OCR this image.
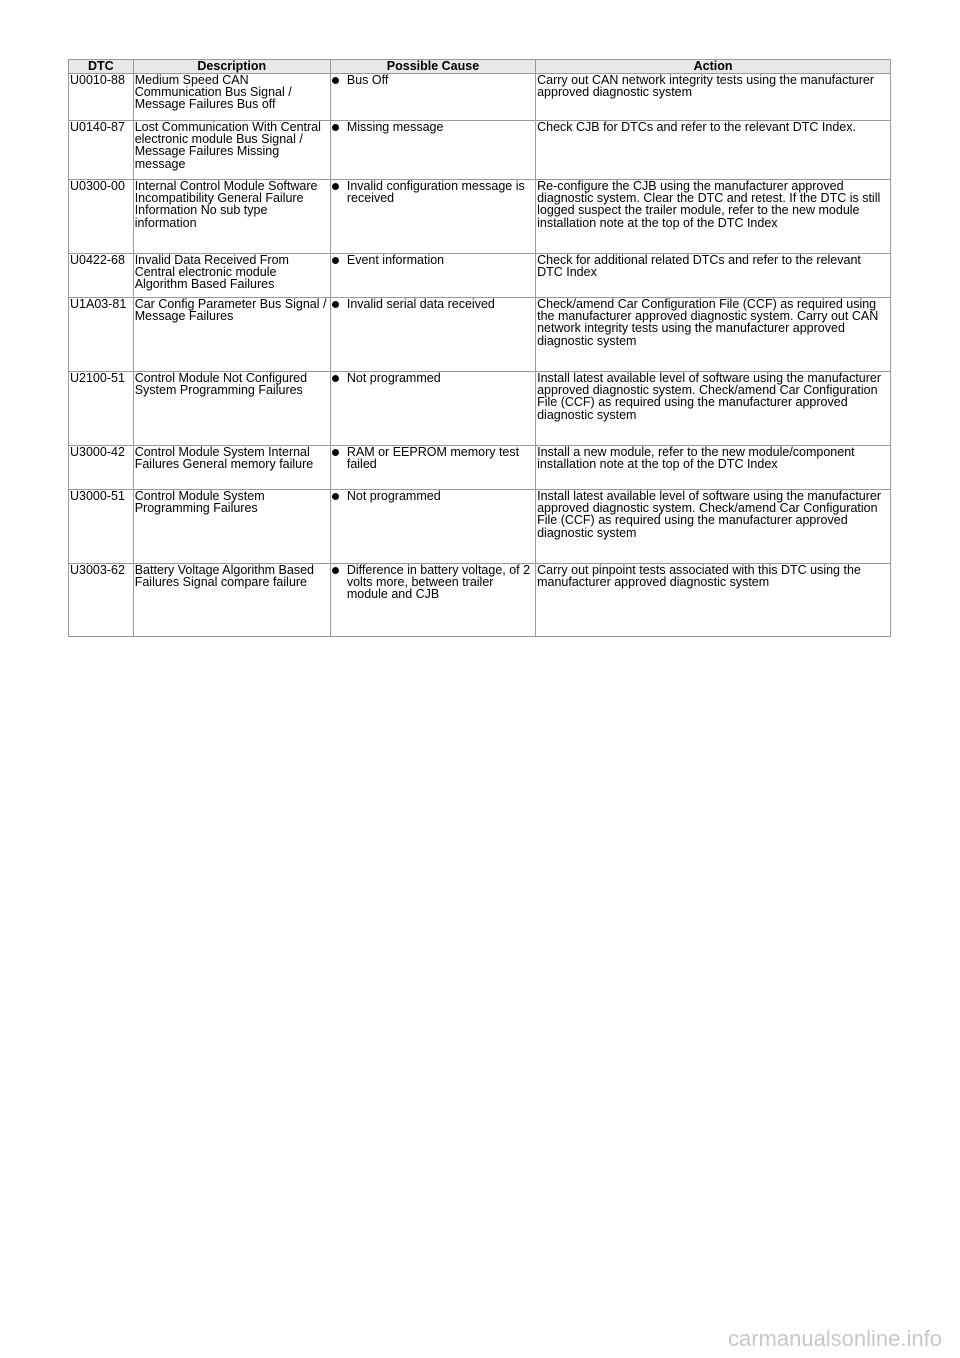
DTC	Description	Possible Cause	Action
U0010-88	Medium Speed CAN Communication Bus Signal / Message Failures Bus off	Bus Off	Carry out CAN network integrity tests using the manufacturer approved diagnostic system
U0140-87	Lost Communication With Central electronic module Bus Signal / Message Failures Missing message	Missing message	Check CJB for DTCs and refer to the relevant DTC Index.
U0300-00	Internal Control Module Software Incompatibility General Failure Information No sub type information	Invalid configuration message is received	Re-configure the CJB using the manufacturer approved diagnostic system. Clear the DTC and retest. If the DTC is still logged suspect the trailer module, refer to the new module installation note at the top of the DTC Index
U0422-68	Invalid Data Received From Central electronic module Algorithm Based Failures	Event information	Check for additional related DTCs and refer to the relevant DTC Index
U1A03-81	Car Config Parameter Bus Signal / Message Failures	Invalid serial data received	Check/amend Car Configuration File (CCF) as required using the manufacturer approved diagnostic system. Carry out CAN network integrity tests using the manufacturer approved diagnostic system
U2100-51	Control Module Not Configured System Programming Failures	Not programmed	Install latest available level of software using the manufacturer approved diagnostic system. Check/amend Car Configuration File (CCF) as required using the manufacturer approved diagnostic system
U3000-42	Control Module System Internal Failures General memory failure	RAM or EEPROM memory test failed	Install a new module, refer to the new module/component installation note at the top of the DTC Index
U3000-51	Control Module System Programming Failures	Not programmed	Install latest available level of software using the manufacturer approved diagnostic system. Check/amend Car Configuration File (CCF) as required using the manufacturer approved diagnostic system
U3003-62	Battery Voltage Algorithm Based Failures Signal compare failure	Difference in battery voltage, of 2 volts more, between trailer module and CJB	Carry out pinpoint tests associated with this DTC using the manufacturer approved diagnostic system
carmanualsonline.info
